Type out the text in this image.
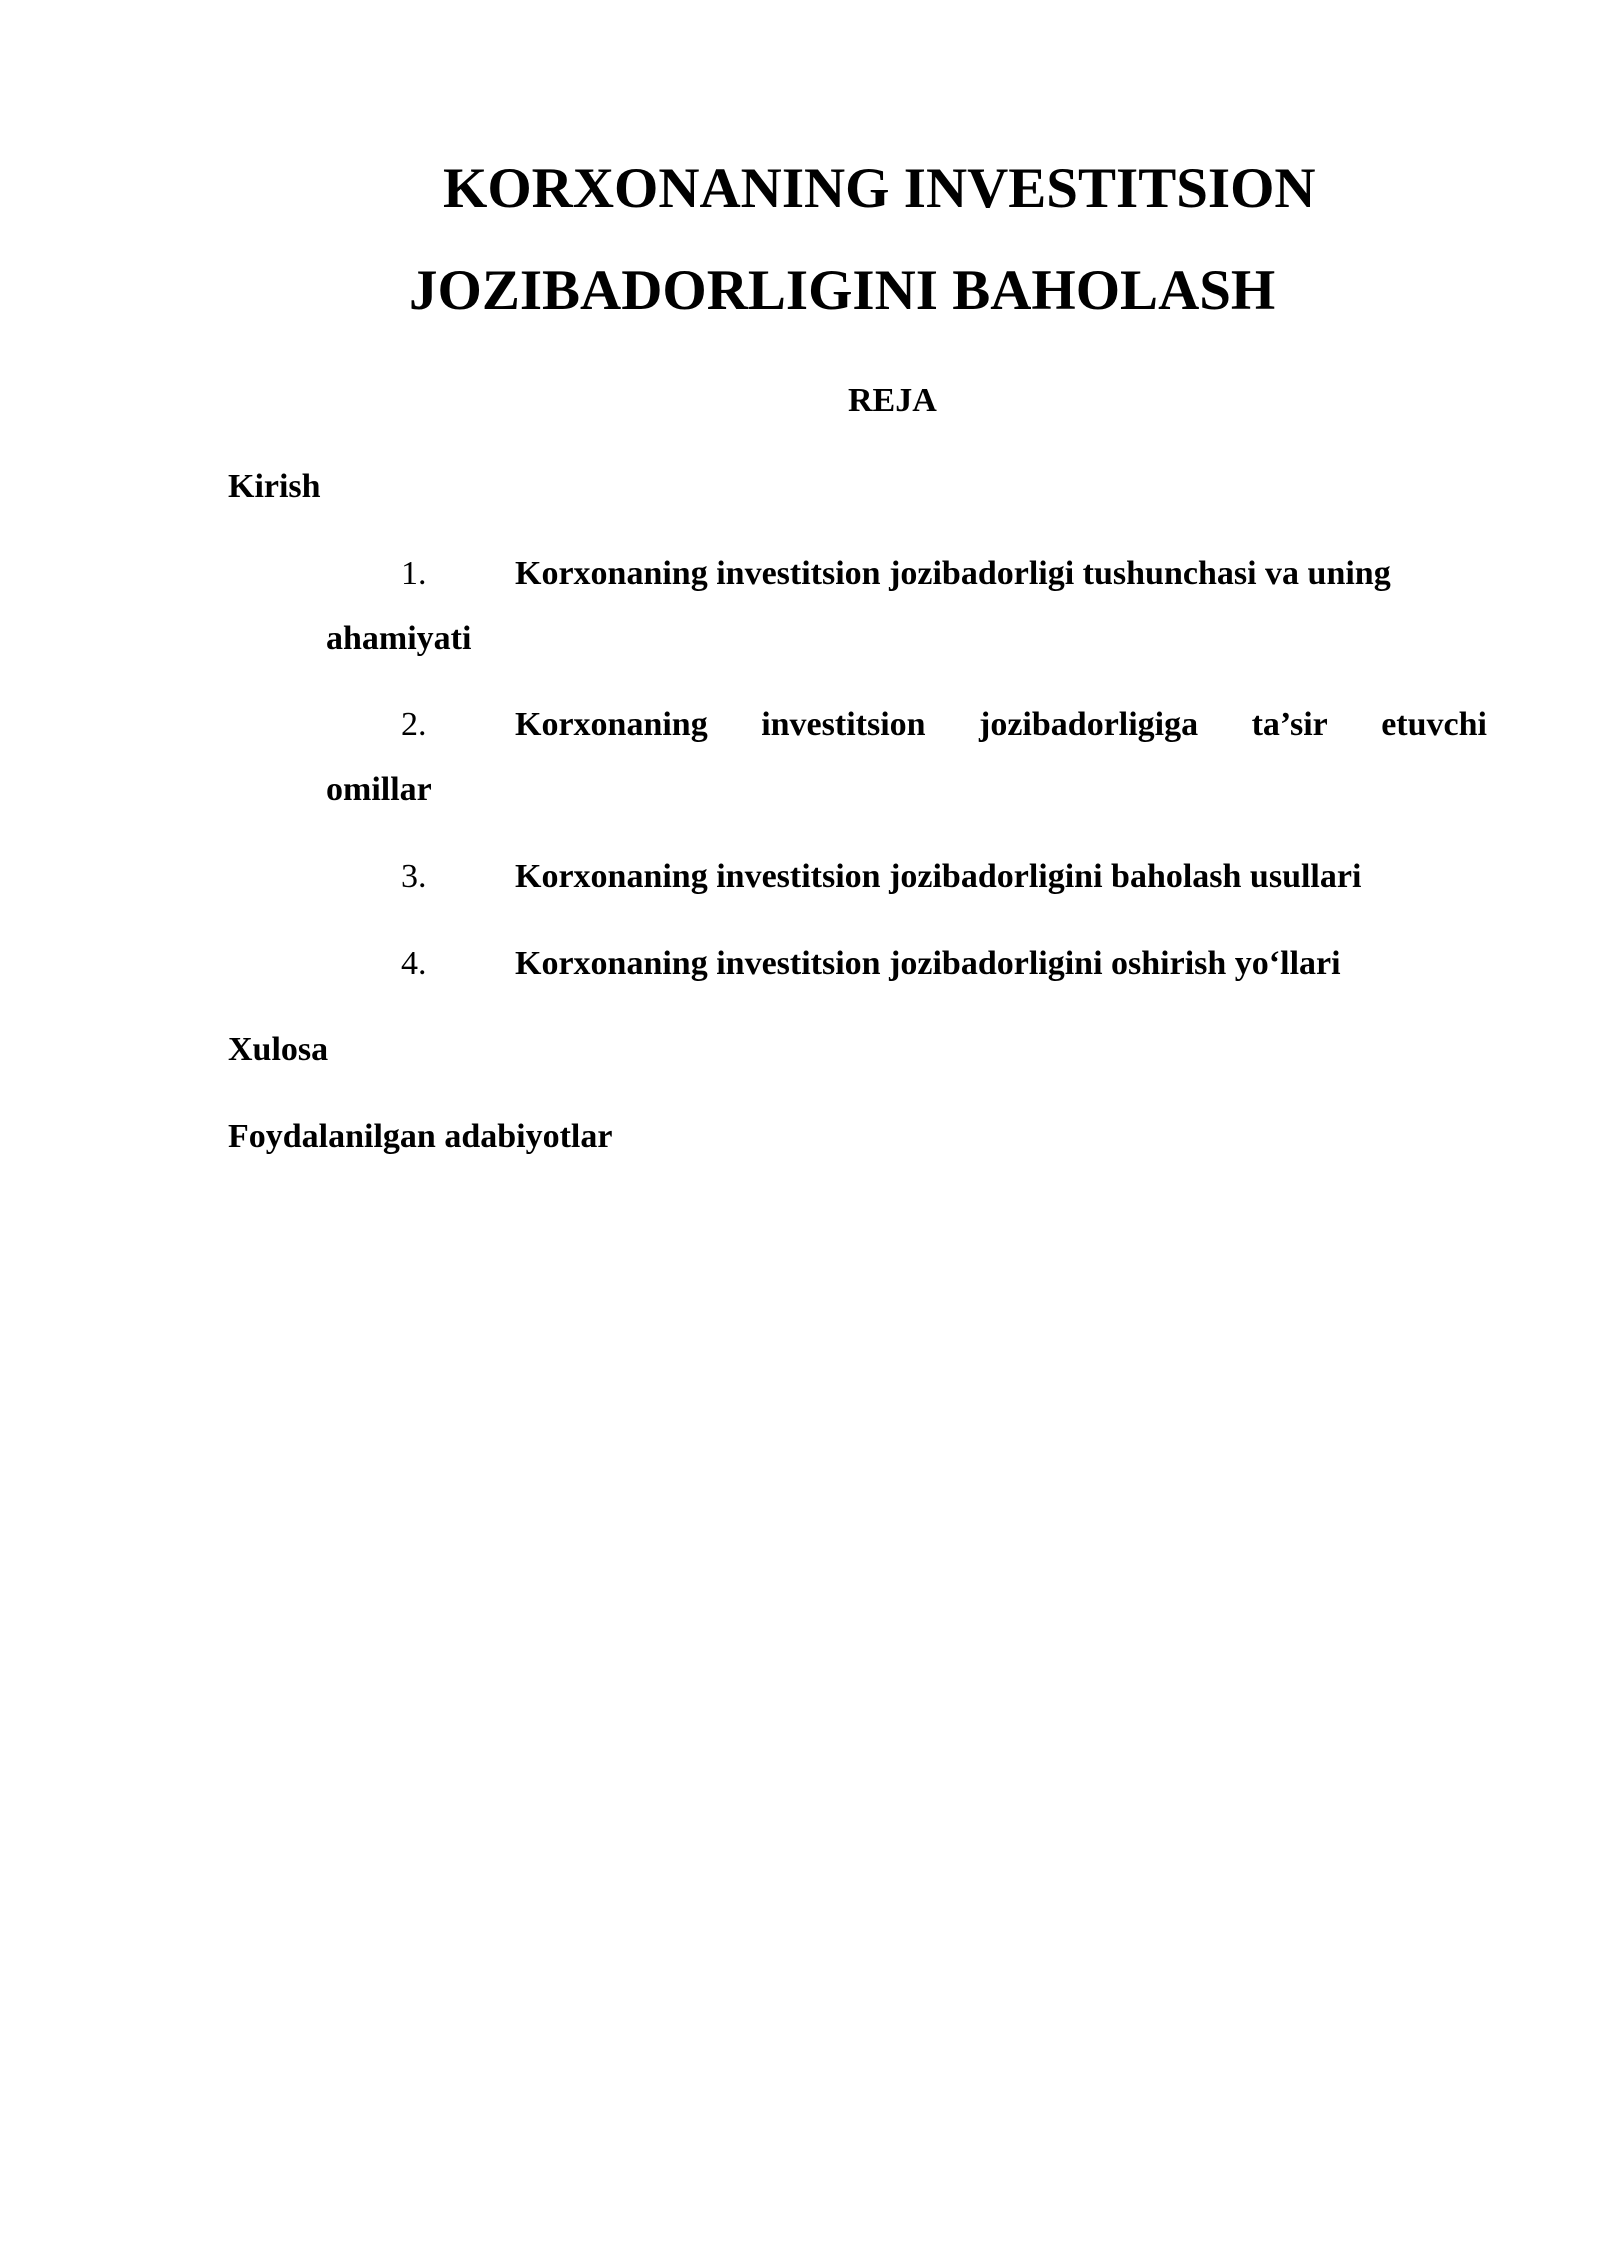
KORXONANING INVESTITSION
JOZIBADORLIGINI BAHOLASH
REJA
Kirish
1.	Korxonaning investitsion jozibadorligi tushunchasi va uning
ahamiyati
2.	Korxonaning investitsion jozibadorligiga ta’sir etuvchi
omillar
3.	Korxonaning investitsion jozibadorligini baholash usullari
4.	Korxonaning investitsion jozibadorligini oshirish yo‘llari
Xulosa
Foydalanilgan adabiyotlar
